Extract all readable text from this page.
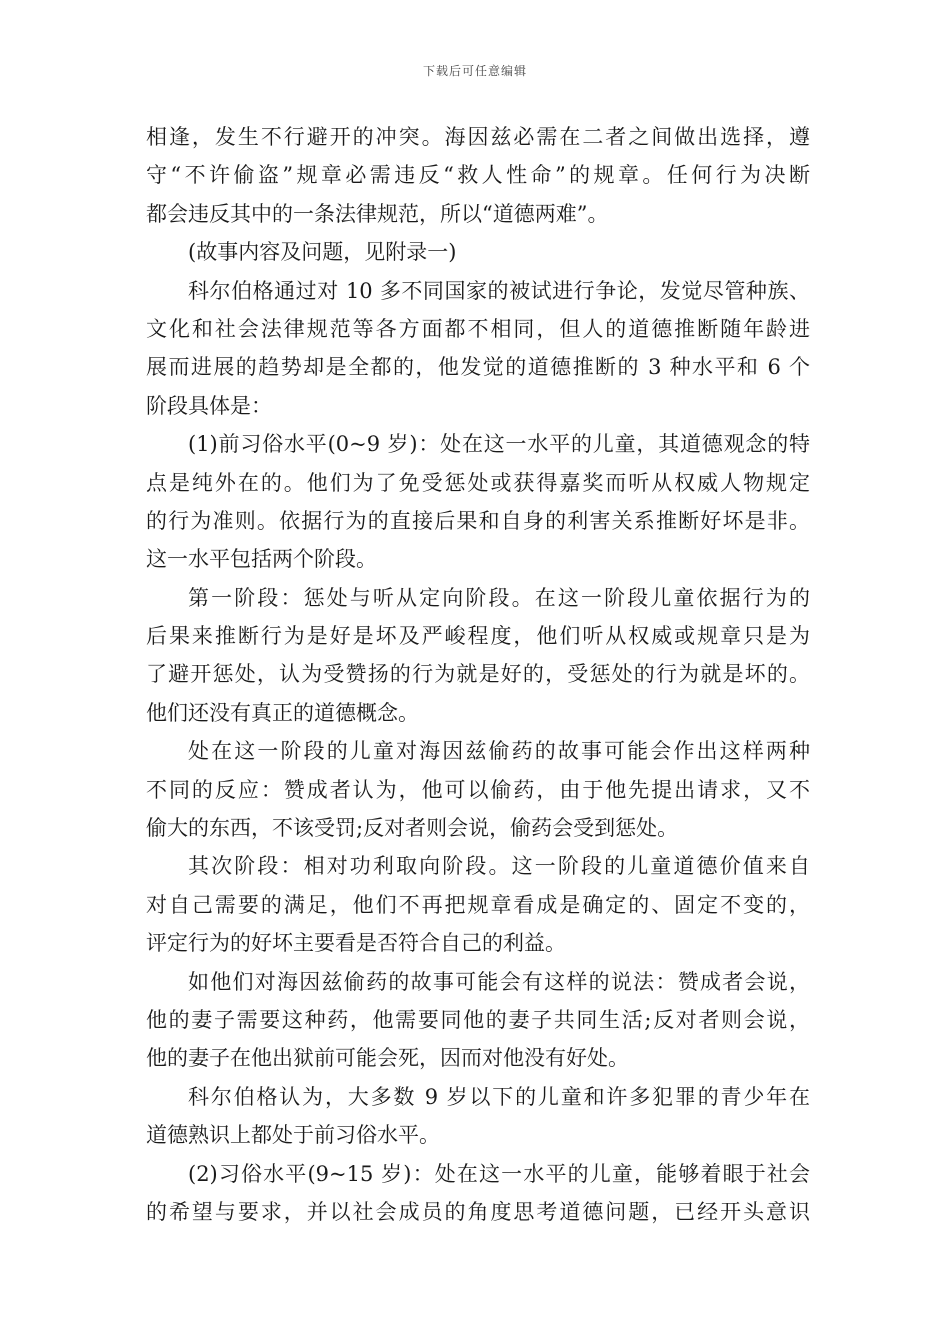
下载后可任意编辑
相逢，发生不行避开的冲突。海因兹必需在二者之间做出选择，遵
守“不许偷盗”规章必需违反“救人性命”的规章。任何行为决断
都会违反其中的一条法律规范，所以“道德两难”。
(故事内容及问题，见附录一)
科尔伯格通过对 10 多不同国家的被试进行争论，发觉尽管种族、
文化和社会法律规范等各方面都不相同，但人的道德推断随年龄进
展而进展的趋势却是全都的，他发觉的道德推断的 3 种水平和 6 个
阶段具体是：
(1)前习俗水平(0~9 岁)：处在这一水平的儿童，其道德观念的特
点是纯外在的。他们为了免受惩处或获得嘉奖而听从权威人物规定
的行为准则。依据行为的直接后果和自身的利害关系推断好坏是非。
这一水平包括两个阶段。
第一阶段：惩处与听从定向阶段。在这一阶段儿童依据行为的
后果来推断行为是好是坏及严峻程度，他们听从权威或规章只是为
了避开惩处，认为受赞扬的行为就是好的，受惩处的行为就是坏的。
他们还没有真正的道德概念。
处在这一阶段的儿童对海因兹偷药的故事可能会作出这样两种
不同的反应：赞成者认为，他可以偷药，由于他先提出请求，又不
偷大的东西，不该受罚;反对者则会说，偷药会受到惩处。
其次阶段：相对功利取向阶段。这一阶段的儿童道德价值来自
对自己需要的满足，他们不再把规章看成是确定的、固定不变的，
评定行为的好坏主要看是否符合自己的利益。
如他们对海因兹偷药的故事可能会有这样的说法：赞成者会说，
他的妻子需要这种药，他需要同他的妻子共同生活;反对者则会说，
他的妻子在他出狱前可能会死，因而对他没有好处。
科尔伯格认为，大多数 9 岁以下的儿童和许多犯罪的青少年在
道德熟识上都处于前习俗水平。
(2)习俗水平(9~15 岁)：处在这一水平的儿童，能够着眼于社会
的希望与要求，并以社会成员的角度思考道德问题，已经开头意识
